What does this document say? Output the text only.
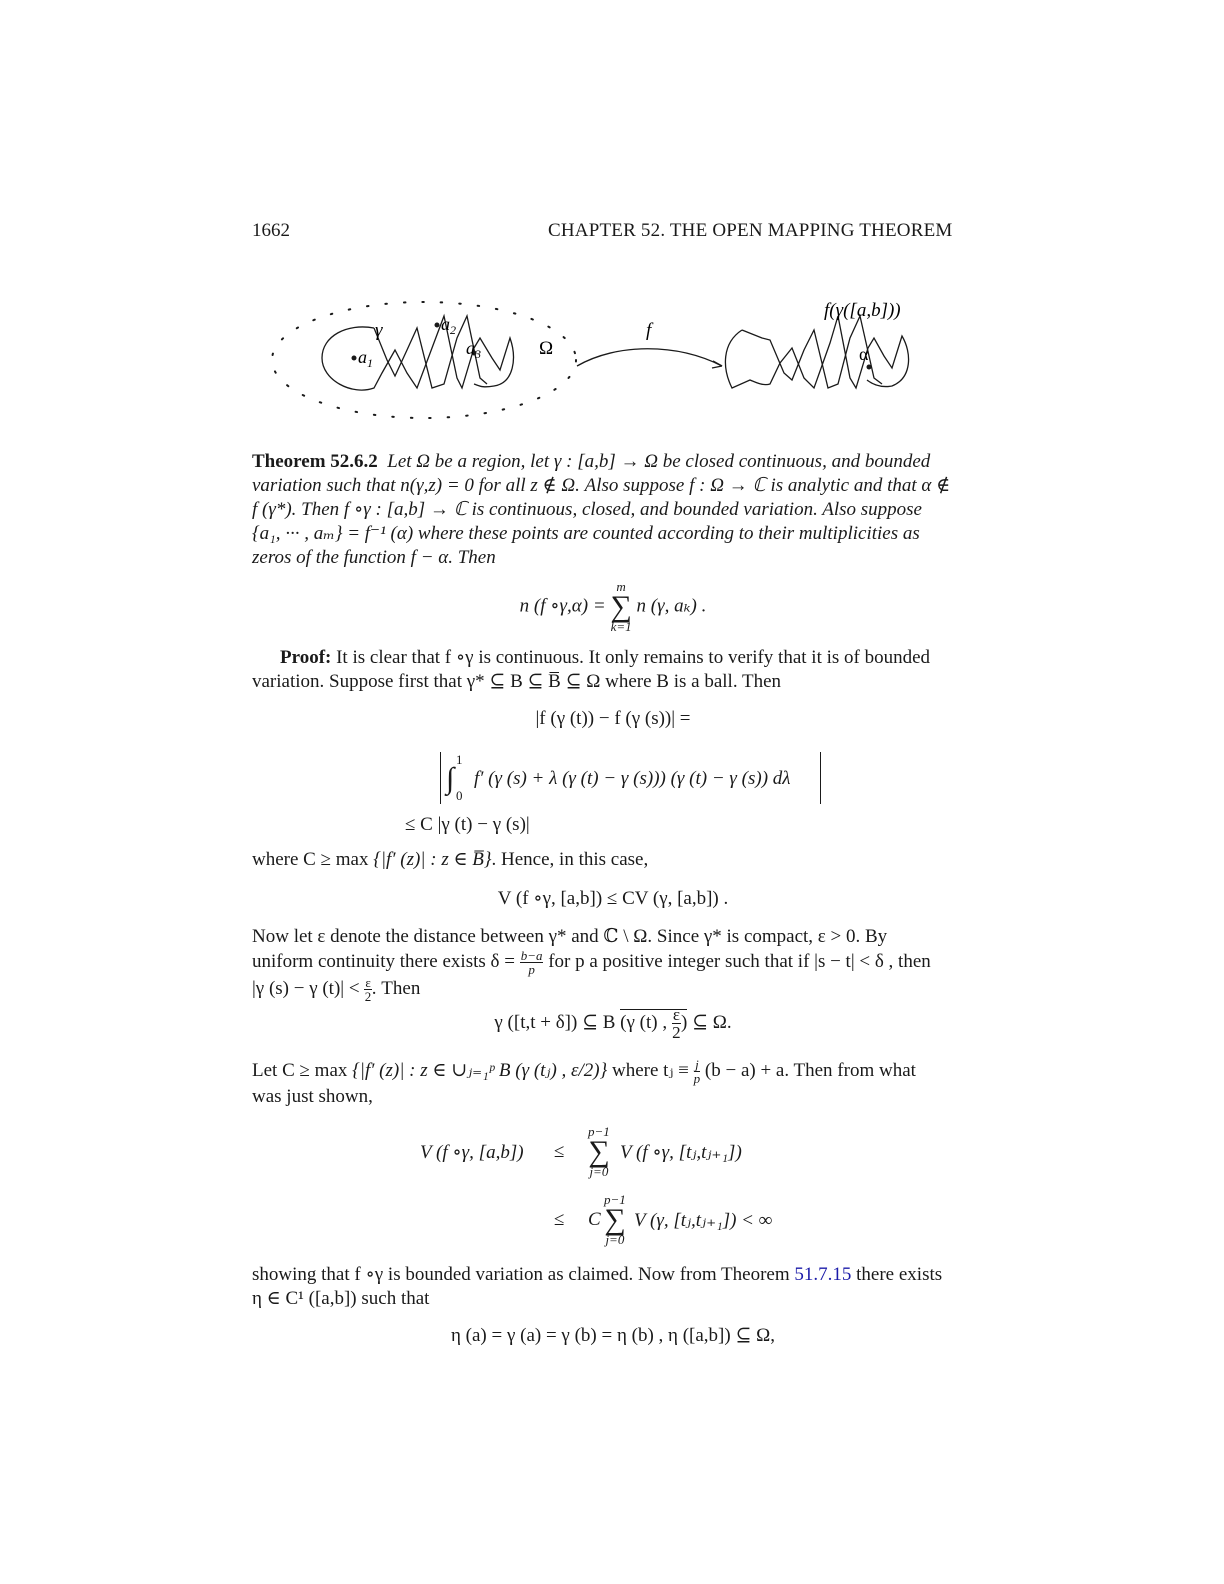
1662	CHAPTER 52. THE OPEN MAPPING THEOREM
γ
$a_1$
$a_2$
$a_3$	Ω
f
α
f(γ([a,b]))
Theorem 52.6.2 Let Ω be a region, let γ : [a,b] → Ω be closed continuous, and bounded
variation such that n(γ,z) = 0 for all z ∉ Ω. Also suppose f : Ω → ℂ is analytic and that α ∉
f (γ*). Then f ∘γ : [a,b] → ℂ is continuous, closed, and bounded variation. Also suppose
{a₁, ··· , aₘ} = f⁻¹ (α) where these points are counted according to their multiplicities as
zeros of the function f − α. Then
n (f ∘γ,α) =
m
∑
k=1
n (γ, aₖ) .
Proof: It is clear that f ∘γ is continuous. It only remains to verify that it is of bounded
variation. Suppose first that γ* ⊆ B ⊆ B̅ ⊆ Ω where B is a ball. Then
|f (γ (t)) − f (γ (s))| =
∫
1
0
f′ (γ (s) + λ (γ (t) − γ (s))) (γ (t) − γ (s)) dλ
≤ C |γ (t) − γ (s)|
where C ≥ max {|f′ (z)| : z ∈ B̅}. Hence, in this case,
V (f ∘γ, [a,b]) ≤ CV (γ, [a,b]) .
Now let ε denote the distance between γ* and ℂ \ Ω. Since γ* is compact, ε > 0. By
uniform continuity there exists $\delta = \frac{b-a}{p}$ for p a positive integer such that if |s − t| < δ , then
|γ (s) − γ $(t)| < \frac{\varepsilon}{2}$ . Then
γ ([t,t + δ]) ⊆ B (γ (t) , $\frac{\varepsilon}{2}$ ) ⊆ Ω.
Let C ≥ max {|f′ (z)| : z ∈ ∪ⱼ₌₁ᵖ B (γ (tⱼ) , ε/2)} where tⱼ ≡ $\frac{j}{p} (b - a) + a$. Then from what
was just shown,
V (f ∘γ, [a,b]) ≤
p−1
∑
j=0
V (f ∘γ, [tⱼ,tⱼ₊₁])
≤ C
p−1
∑
j=0
V (γ, [tⱼ,tⱼ₊₁]) < ∞
showing that f ∘γ is bounded variation as claimed. Now from Theorem 51.7.15 there exists
η ∈ C¹ ([a,b]) such that
η (a) = γ (a) = γ (b) = η (b) , η ([a,b]) ⊆ Ω,
